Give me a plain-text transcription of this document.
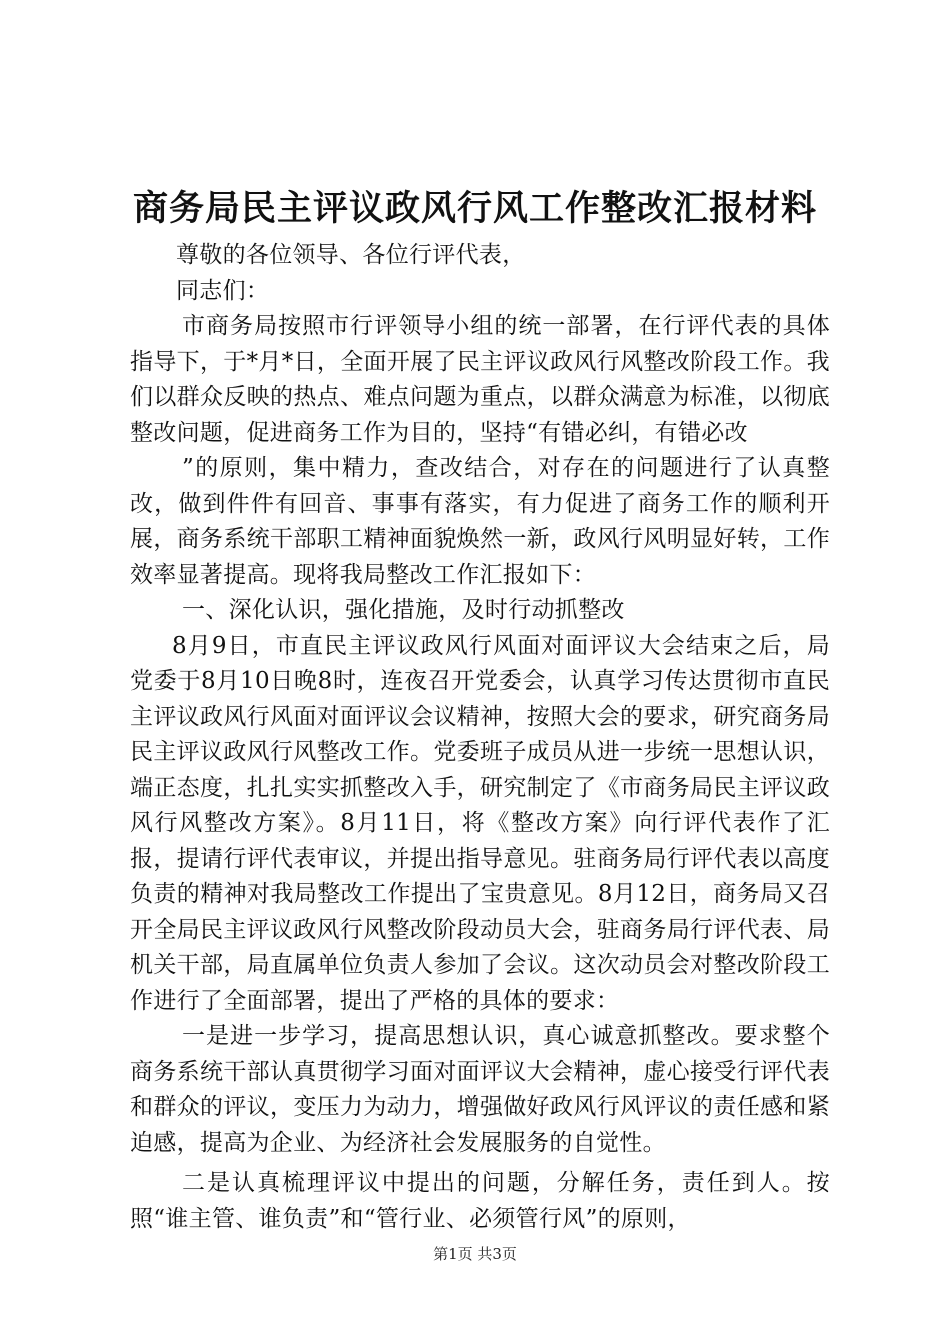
商务局民主评议政风行风工作整改汇报材料

尊敬的各位领导、各位行评代表，

同志们：

市商务局按照市行评领导小组的统一部署，在行评代表的具体指导下，于*月*日，全面开展了民主评议政风行风整改阶段工作。我们以群众反映的热点、难点问题为重点，以群众满意为标准，以彻底整改问题，促进商务工作为目的，坚持“有错必纠，有错必改

”的原则，集中精力，查改结合，对存在的问题进行了认真整改，做到件件有回音、事事有落实，有力促进了商务工作的顺利开展，商务系统干部职工精神面貌焕然一新，政风行风明显好转，工作效率显著提高。现将我局整改工作汇报如下：

一、深化认识，强化措施，及时行动抓整改

8月9日，市直民主评议政风行风面对面评议大会结束之后，局党委于8月10日晚8时，连夜召开党委会，认真学习传达贯彻市直民主评议政风行风面对面评议会议精神，按照大会的要求，研究商务局民主评议政风行风整改工作。党委班子成员从进一步统一思想认识，端正态度，扎扎实实抓整改入手，研究制定了《市商务局民主评议政风行风整改方案》。8月11日，将《整改方案》向行评代表作了汇报，提请行评代表审议，并提出指导意见。驻商务局行评代表以高度负责的精神对我局整改工作提出了宝贵意见。8月12日，商务局又召开全局民主评议政风行风整改阶段动员大会，驻商务局行评代表、局机关干部，局直属单位负责人参加了会议。这次动员会对整改阶段工作进行了全面部署，提出了严格的具体的要求：

一是进一步学习，提高思想认识，真心诚意抓整改。要求整个商务系统干部认真贯彻学习面对面评议大会精神，虚心接受行评代表和群众的评议，变压力为动力，增强做好政风行风评议的责任感和紧迫感，提高为企业、为经济社会发展服务的自觉性。

二是认真梳理评议中提出的问题，分解任务，责任到人。按照“谁主管、谁负责”和“管行业、必须管行风”的原则，

第1页 共3页
